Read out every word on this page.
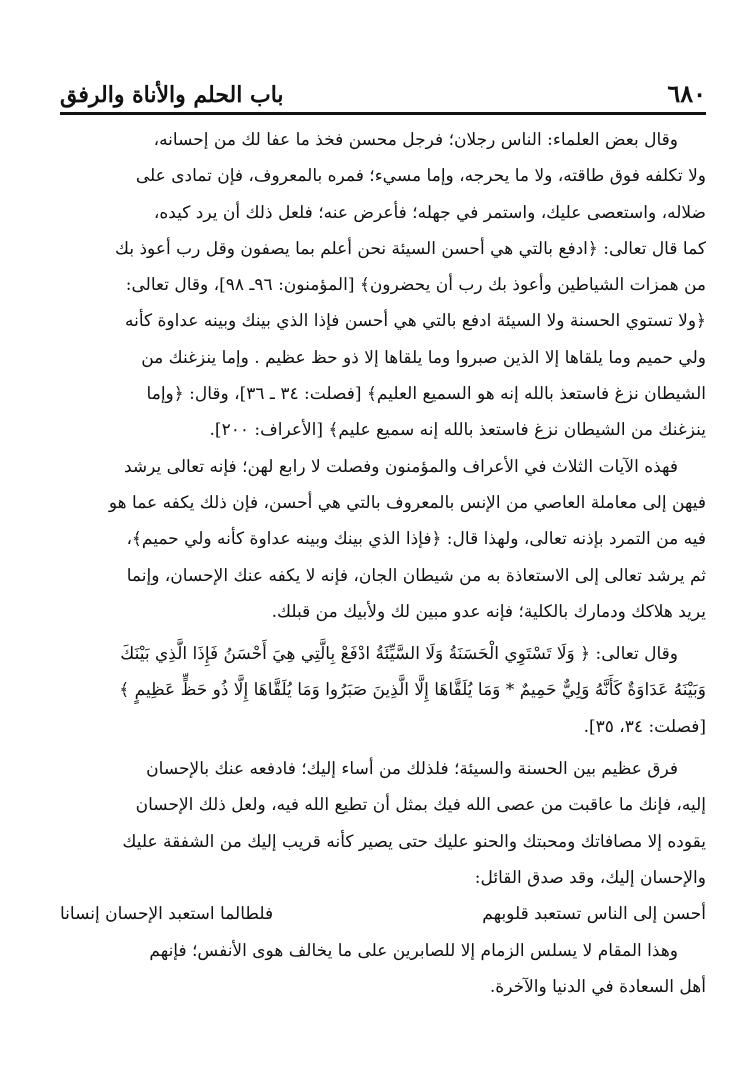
٦٨٠
باب الحلم والأناة والرفق
وقال بعض العلماء: الناس رجلان؛ فرجل محسن فخذ ما عفا لك من إحسانه،
ولا تكلفه فوق طاقته، ولا ما يحرجه، وإما مسيء؛ فمره بالمعروف، فإن تمادى على
ضلاله، واستعصى عليك، واستمر في جهله؛ فأعرض عنه؛ فلعل ذلك أن يرد كيده،
كما قال تعالى: ﴿ادفع بالتي هي أحسن السيئة نحن أعلم بما يصفون وقل رب أعوذ بك
من همزات الشياطين وأعوذ بك رب أن يحضرون﴾ [المؤمنون: ٩٦ـ ٩٨]، وقال تعالى:
﴿ولا تستوي الحسنة ولا السيئة ادفع بالتي هي أحسن فإذا الذي بينك وبينه عداوة كأنه
ولي حميم وما يلقاها إلا الذين صبروا وما يلقاها إلا ذو حظ عظيم . وإما ينزغنك من
الشيطان نزغ فاستعذ بالله إنه هو السميع العليم﴾ [فصلت: ٣٤ ـ ٣٦]، وقال: ﴿وإما
ينزغنك من الشيطان نزغ فاستعذ بالله إنه سميع عليم﴾ [الأعراف: ٢٠٠].
فهذه الآيات الثلاث في الأعراف والمؤمنون وفصلت لا رابع لهن؛ فإنه تعالى يرشد
فيهن إلى معاملة العاصي من الإنس بالمعروف بالتي هي أحسن، فإن ذلك يكفه عما هو
فيه من التمرد بإذنه تعالى، ولهذا قال: ﴿فإذا الذي بينك وبينه عداوة كأنه ولي حميم﴾،
ثم يرشد تعالى إلى الاستعاذة به من شيطان الجان، فإنه لا يكفه عنك الإحسان، وإنما
يريد هلاكك ودمارك بالكلية؛ فإنه عدو مبين لك ولأبيك من قبلك.
وقال تعالى: ﴿ وَلَا تَسْتَوِي الْحَسَنَةُ وَلَا السَّيِّئَةُ ادْفَعْ بِالَّتِي هِيَ أَحْسَنُ فَإِذَا الَّذِي بَيْنَكَ
وَبَيْنَهُ عَدَاوَةٌ كَأَنَّهُ وَلِيٌّ حَمِيمٌ * وَمَا يُلَقَّاهَا إِلَّا الَّذِينَ صَبَرُوا وَمَا يُلَقَّاهَا إِلَّا ذُو حَظٍّ عَظِيمٍ ﴾
[فصلت: ٣٤، ٣٥].
فرق عظيم بين الحسنة والسيئة؛ فلذلك من أساء إليك؛ فادفعه عنك بالإحسان
إليه، فإنك ما عاقبت من عصى الله فيك بمثل أن تطيع الله فيه، ولعل ذلك الإحسان
يقوده إلا مصافاتك ومحبتك والحنو عليك حتى يصير كأنه قريب إليك من الشفقة عليك
والإحسان إليك، وقد صدق القائل:
أحسن إلى الناس تستعبد قلوبهم
فلطالما استعبد الإحسان إنسانا
وهذا المقام لا يسلس الزمام إلا للصابرين على ما يخالف هوى الأنفس؛ فإنهم
أهل السعادة في الدنيا والآخرة.
